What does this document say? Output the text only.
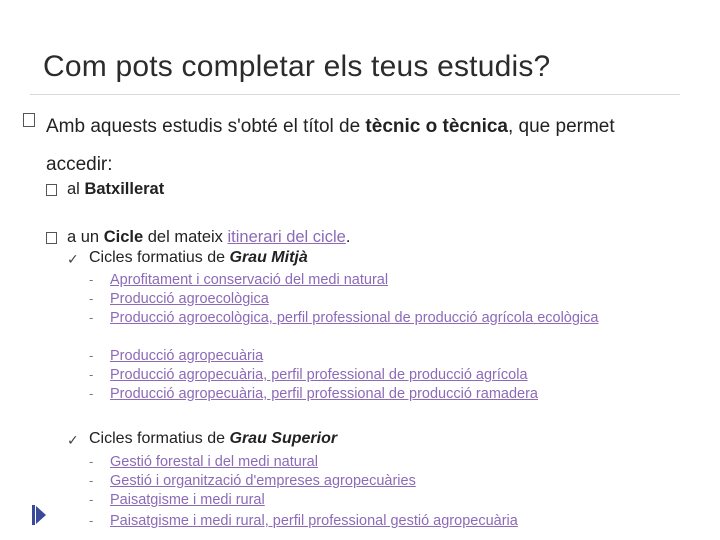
Com pots completar els teus estudis?

Amb aquests estudis s'obté el títol de tècnic o tècnica, que permet accedir:

al Batxillerat
a un Cicle del mateix itinerari del cicle.
✓ Cicles formatius de Grau Mitjà
-
-
-
-
-
-
Aprofitament i conservació del medi natural
Producció agroecològica
Producció agroecològica, perfil professional de producció agrícola ecològica
Producció agropecuària
Producció agropecuària, perfil professional de producció agrícola
Producció agropecuària, perfil professional de producció ramadera
✓ Cicles formatius de Grau Superior
-
-
-
-
Gestió forestal i del medi natural
Gestió i organització d'empreses agropecuàries
Paisatgisme i medi rural
Paisatgisme i medi rural, perfil professional gestió agropecuària
